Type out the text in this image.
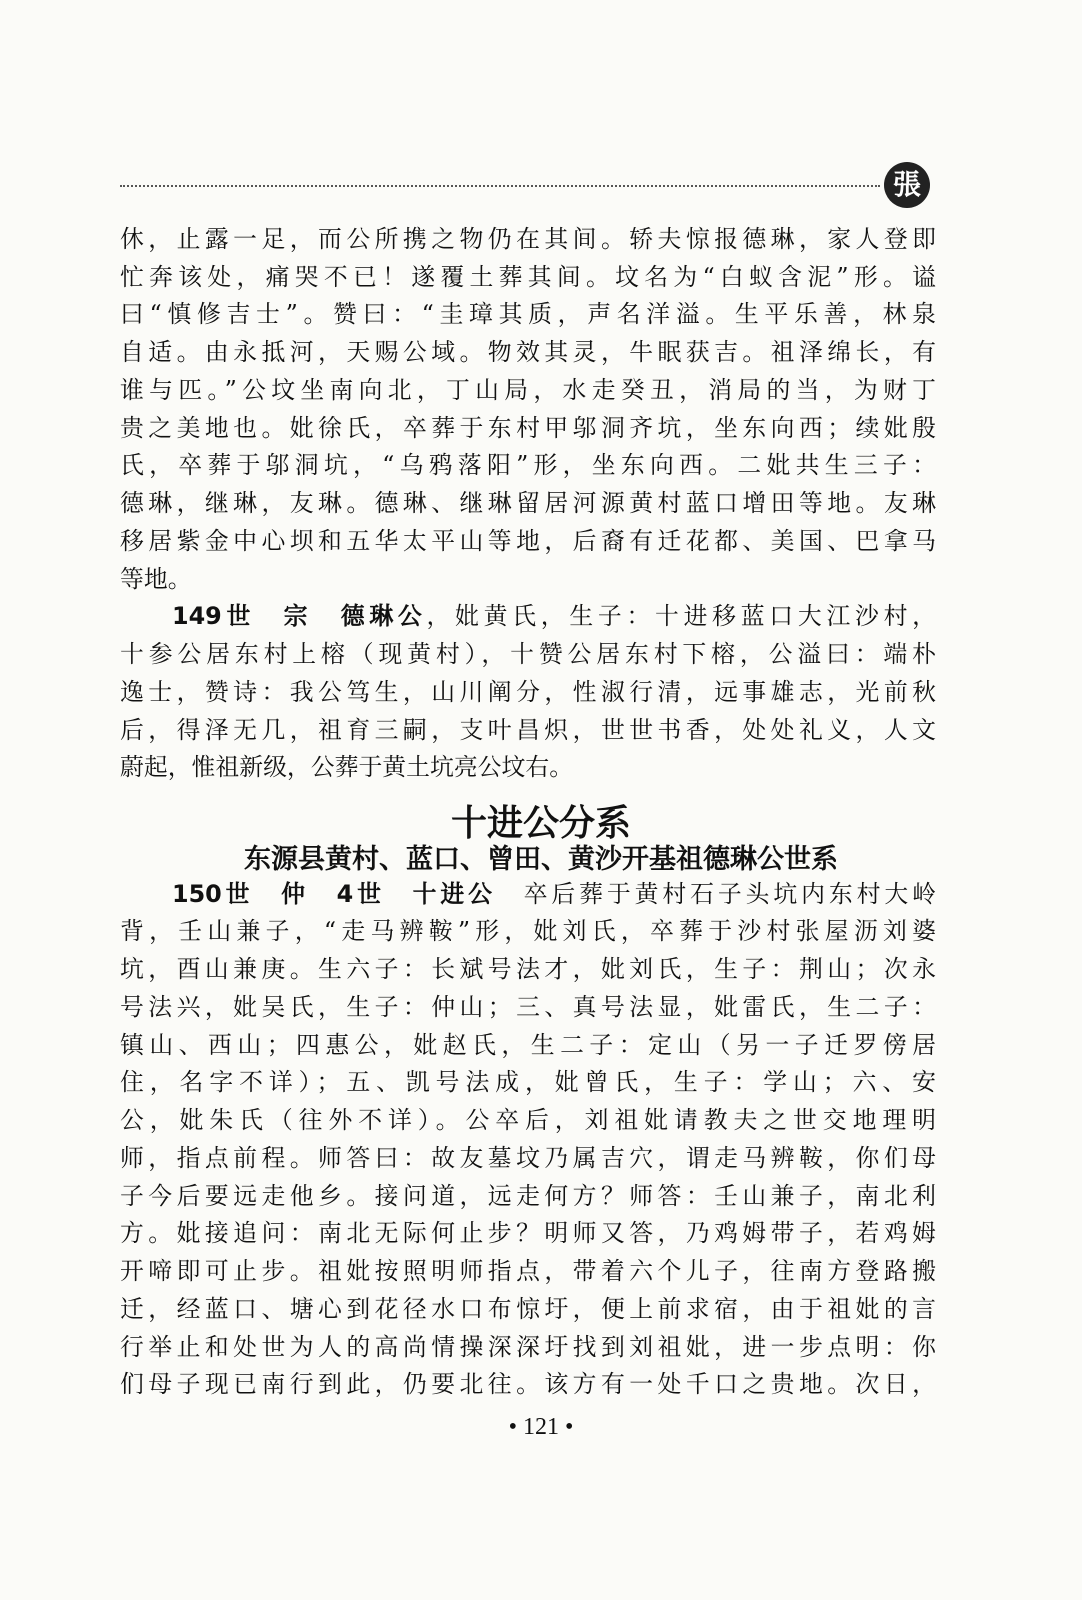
張
休，止露一足，而公所携之物仍在其间。轿夫惊报德琳，家人登即
忙奔该处，痛哭不已！遂覆土葬其间。坟名为“白蚁含泥”形。谥
曰“慎修吉士”。赞曰：“圭璋其质，声名洋溢。生平乐善，林泉
自适。由永抵河，天赐公域。物效其灵，牛眠获吉。祖泽绵长，有
谁与匹。”公坟坐南向北，丁山局，水走癸丑，消局的当，为财丁
贵之美地也。妣徐氏，卒葬于东村甲邬洞齐坑，坐东向西；续妣殷
氏，卒葬于邬洞坑，“乌鸦落阳”形，坐东向西。二妣共生三子：
德琳，继琳，友琳。德琳、继琳留居河源黄村蓝口增田等地。友琳
移居紫金中心坝和五华太平山等地，后裔有迁花都、美国、巴拿马
等地。
149世　宗　德琳公，妣黄氏，生子：十进移蓝口大江沙村，
十参公居东村上榕（现黄村），十赞公居东村下榕，公溢曰：端朴
逸士，赞诗：我公笃生，山川阐分，性淑行清，远事雄志，光前秋
后，得泽无几，祖育三嗣，支叶昌炽，世世书香，处处礼义，人文
蔚起，惟祖新级，公葬于黄土坑亮公坟右。
十进公分系
东源县黄村、蓝口、曾田、黄沙开基祖德琳公世系
150世　仲　4世　十进公　卒后葬于黄村石子头坑内东村大岭
背，壬山兼子，“走马辨鞍”形，妣刘氏，卒葬于沙村张屋沥刘婆
坑，酉山兼庚。生六子：长斌号法才，妣刘氏，生子：荆山；次永
号法兴，妣吴氏，生子：仲山；三、真号法显，妣雷氏，生二子：
镇山、西山；四惠公，妣赵氏，生二子：定山（另一子迁罗傍居
住，名字不详）；五、凯号法成，妣曾氏，生子：学山；六、安
公，妣朱氏（往外不详）。公卒后，刘祖妣请教夫之世交地理明
师，指点前程。师答曰：故友墓坟乃属吉穴，谓走马辨鞍，你们母
子今后要远走他乡。接问道，远走何方？师答：壬山兼子，南北利
方。妣接追问：南北无际何止步？明师又答，乃鸡姆带子，若鸡姆
开啼即可止步。祖妣按照明师指点，带着六个儿子，往南方登路搬
迁，经蓝口、塘心到花径水口布惊圩，便上前求宿，由于祖妣的言
行举止和处世为人的高尚情操深深圩找到刘祖妣，进一步点明：你
们母子现已南行到此，仍要北往。该方有一处千口之贵地。次日，
• 121 •
